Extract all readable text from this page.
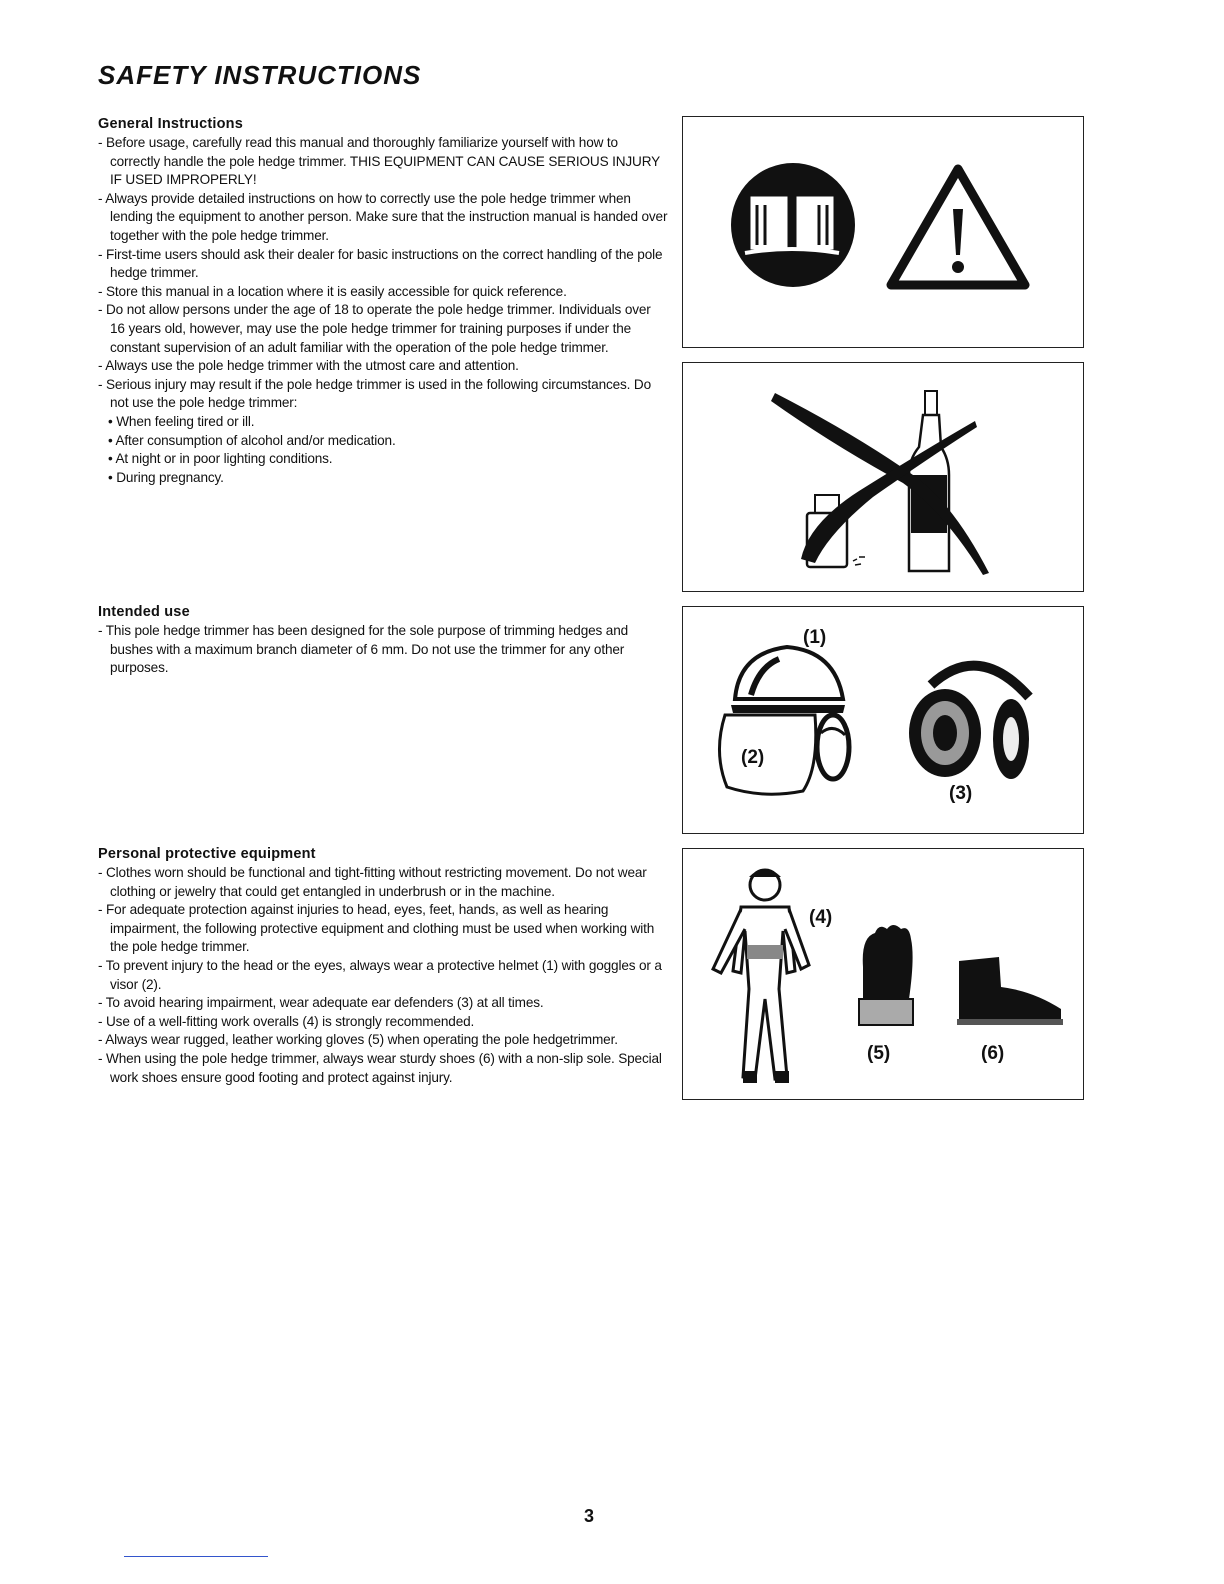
SAFETY INSTRUCTIONS
General Instructions
- Before usage, carefully read this manual and thoroughly familiarize yourself with how to correctly handle the pole hedge trimmer. THIS EQUIPMENT CAN CAUSE SERIOUS INJURY IF USED IMPROPERLY!
- Always provide detailed instructions on how to correctly use the pole hedge trimmer when lending the equipment to another person. Make sure that the instruction manual is handed over together with the pole hedge trimmer.
- First-time users should ask their dealer for basic instructions on the correct handling of the pole hedge trimmer.
- Store this manual in a location where it is easily accessible for quick reference.
- Do not allow persons under the age of 18 to operate the pole hedge trimmer. Individuals over 16 years old, however, may use the pole hedge trimmer for training purposes if under the constant supervision of an adult familiar with the operation of the pole hedge trimmer.
- Always use the pole hedge trimmer with the utmost care and attention.
- Serious injury may result if the pole hedge trimmer is used in the following circumstances. Do not use the pole hedge trimmer:
• When feeling tired or ill.
• After consumption of alcohol and/or medication.
• At night or in poor lighting conditions.
• During pregnancy.
Intended use
- This pole hedge trimmer has been designed for the sole purpose of trimming hedges and bushes with a maximum branch diameter of 6 mm. Do not use the trimmer for any other purposes.
Personal protective equipment
- Clothes worn should be functional and tight-fitting without restricting movement. Do not wear clothing or jewelry that could get entangled in underbrush or in the machine.
- For adequate protection against injuries to head, eyes, feet, hands, as well as hearing impairment, the following protective equipment and clothing must be used when working with the pole hedge trimmer.
- To prevent injury to the head or the eyes, always wear a protective helmet (1) with goggles or a visor (2).
- To avoid hearing impairment, wear adequate ear defenders (3) at all times.
- Use of a well-fitting work overalls (4) is strongly recommended.
- Always wear rugged, leather working gloves (5) when operating the pole hedgetrimmer.
- When using the pole hedge trimmer, always wear sturdy shoes (6) with a non-slip sole. Special work shoes ensure good footing and protect against injury.
(1)
(2)
(3)
(4)
(5)	(6)
3
